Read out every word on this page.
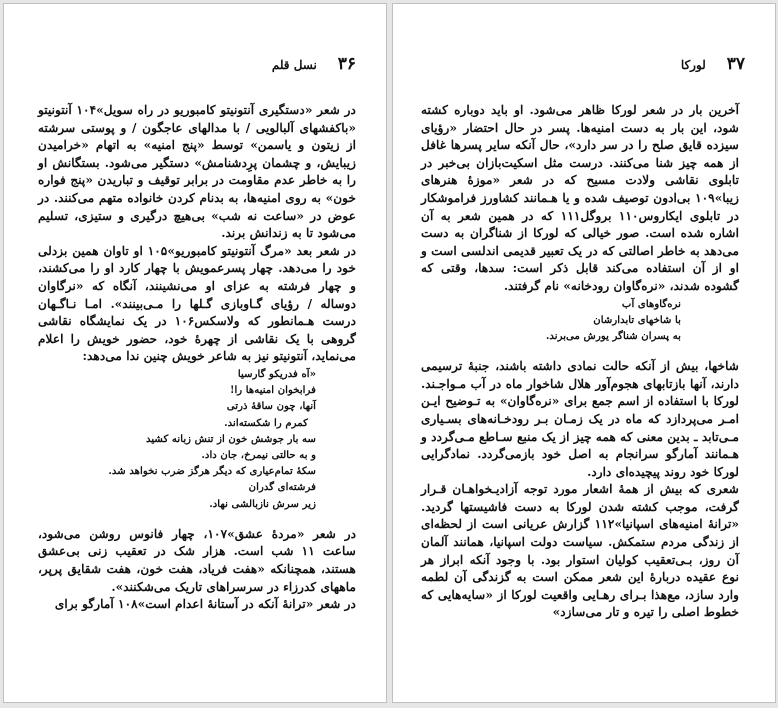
۳۶    نسل قلم

در شعر «دستگیری آنتونیتو کامبوریو در راه سویل»۱۰۴ آنتونیتو «باکفشهای آلبالویی / با مدالهای عاجگون / و پوستی سرشته از زیتون و یاسمن» توسط «پنج امنیه» به اتهام «خرامیدن زیبایش، و چشمان پرِدشنامش» دستگیر می‌شود. بستگانش او را به خاطر عدم مقاومت در برابر توقیف و تباریدن «پنج فواره خون» به روی امنیه‌ها، به بدنام کردن خانواده متهم می‌کنند. در عوض در «ساعت نه شب» بی‌هیچ درگیری و ستیزی، تسلیم می‌شود تا به زندانش برند.

در شعر بعد «مرگ آنتونیتو کامبوریو»۱۰۵ او تاوان همین بزدلی خود را می‌دهد. چهار پسرعمویش با چهار کارد او را می‌کشند، و چهار فرشته به عزای او می‌نشینند، آنگاه که «نرگاوان دوساله / رؤیای گـاوبازی گـلها را مـی‌بینند». امـا نـاگـهان درست هـمانطور که ولاسکس۱۰۶ در یک نمایشگاه نقاشی گروهی با یک نقاشی از چهرهٔ خود، حضور خویش را اعلام می‌نماید، آنتونیتو نیز به شاعر خویش چنین ندا می‌دهد:

«آه فدریکو گارسیا
فرابخوان امنیه‌ها را!
آنها، چون ساقهٔ ذرتی
کمرم را شکسته‌اند.
سه بار جوشش خون از تنش زبانه کشید
و به حالتی نیمرخ، جان داد.
سکهٔ تمام‌عیاری که دیگر هرگز ضرب نخواهد شد.
فرشته‌ای گدران
زیر سرش نازبالشی نهاد.

در شعر «مردهٔ عشق»۱۰۷، چهار فانوس روشن می‌شود، ساعت ۱۱ شب است. هزار شک در تعقیب زنی بی‌عشق هستند، همچنانکه «هفت فریاد، هفت خون، هفت شقایق پرپر، ماههای کدرزاء در سرسراهای تاریک می‌شکنند».

در شعر «ترانهٔ آنکه در آستانهٔ اعدام است»۱۰۸ آمارگو برای

۳۷    لورکا

آخرین بار در شعر لورکا ظاهر می‌شود. او باید دوباره کشته شود، این بار به دست امنیه‌ها. پسر در حال احتضار «رؤیای سیزده قایق صلح را در سر دارد»، حال آنکه سایر پسرها غافل از همه چیز شنا می‌کنند. درست مثل اسکیت‌بازان بی‌خبر در تابلوی نقاشی ولادت مسیح که در شعر «موزهٔ هنرهای زیبا»۱۰۹ بی‌ادون توصیف شده و یا هـمانند کشاورز فراموشکار در تابلوی ایکاروس۱۱۰ بروگل۱۱۱ که در همین شعر به آن اشاره شده است. صور خیالی که لورکا از شناگران به دست می‌دهد به خاطر اصالتی که در یک تعبیر قدیمی اندلسی است و او از آن استفاده می‌کند قابل ذکر است: سدها، وقتی که گشوده شدند، «نره‌گاوان رودخانه» نام گرفتند.

نره‌گاوهای آب
با شاخهای تابدارشان
به پسران شناگر یورش می‌برند.

شاخها، بیش از آنکه حالت نمادی داشته باشند، جنبهٔ ترسیمی دارند، آنها بازتابهای هجوم‌آور هلال شاخوار ماه در آب مـواجـند. لورکا با استفاده از اسم جمع برای «نره‌گاوان» به تـوضیح ایـن امـر می‌پردازد که ماه در یک زمـان بـر رودخـانه‌های بسـیاری مـی‌تابد ـ بدین معنی که همه چیز از یک منبع سـاطع مـی‌گردد و هـمانند آمارگو سرانجام به اصل خود بازمی‌گردد. نمادگرایی لورکا خود روند پیچیده‌ای دارد.

شعری که بیش از همهٔ اشعار مورد توجه آزادیـخواهـان قـرار گرفت، موجب کشته شدن لورکا به دست فاشیستها گردید. «ترانهٔ امنیه‌های اسپانیا»۱۱۲ گزارش عریانی است از لحظه‌ای از زندگی مردم ستمکش. سیاست دولت اسپانیا، همانند آلمان آن روز، بـی‌تعقیب کولیان استوار بود. با وجود آنکه ابراز هر نوع عقیده دربارهٔ این شعر ممکن است به گزندگی آن لطمه وارد سازد، مع‌هذا بـرای رهـایی واقعیت لورکا از «سایه‌هایی که خطوط اصلی را تیره و تار می‌سازد»
